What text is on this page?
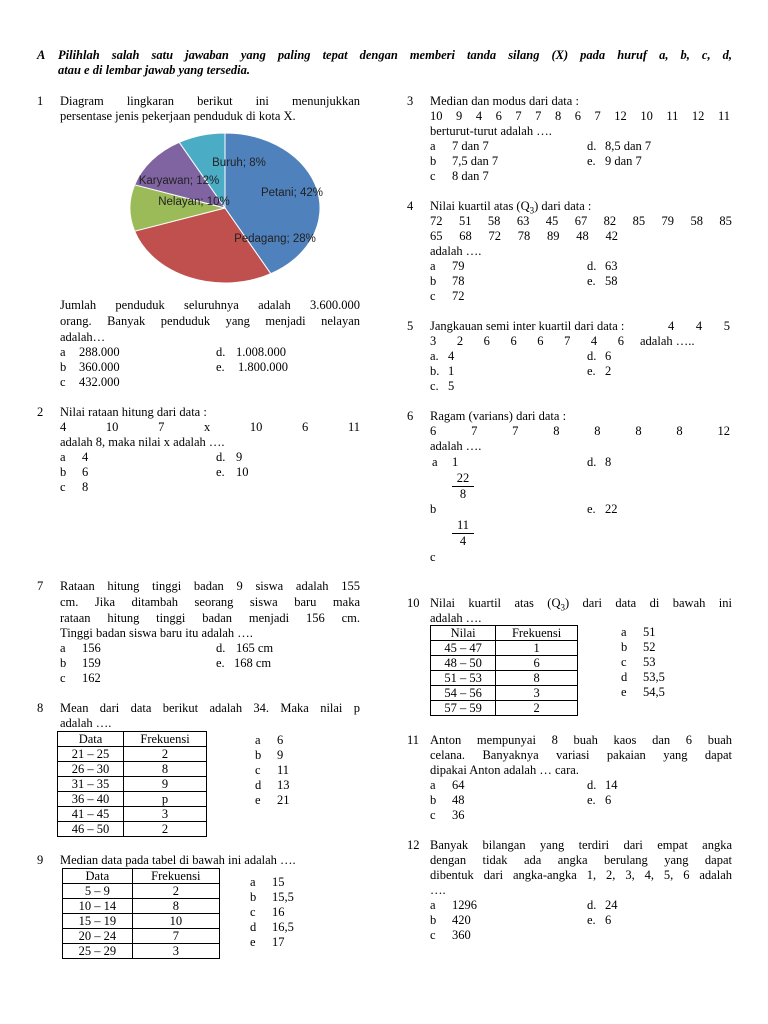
A Pilihlah salah satu jawaban yang paling tepat dengan memberi tanda silang (X) pada huruf a, b, c, d,
atau e di lembar jawab yang tersedia.
1 Diagram lingkaran berikut ini menunjukkan
persentase jenis pekerjaan penduduk di kota X.
Petani; 42%
Pedagang; 28%
Nelayan; 10%
Karyawan; 12%
Buruh; 8%
Jumlah penduduk seluruhnya adalah 3.600.000
orang. Banyak penduduk yang menjadi nelayan
adalah…
a 288.000	d. 1.008.000
b 360.000	e. 1.800.000
c 432.000
2 Nilai rataan hitung dari data :
4	10	7	x	10	6	11
adalah 8, maka nilai x adalah ….
a 4	d. 9
b 6	e. 10
c 8
3 Median dan modus dari data :
10 9 4 6 7 7 8 6 7 12 10 11 12 11
berturut-turut adalah ….
a 7 dan 7	d. 8,5 dan 7
b 7,5 dan 7	e. 9 dan 7
c 8 dan 7
4 Nilai kuartil atas $(Q_3)$ dari data :
72 51 58 63 45 67 82 85 79 58 85
65 68 72 78 89 48 42
adalah ….
a 79	d. 63
b 78	e. 58
c 72
5 Jangkauan semi inter kuartil dari data :	4 4 5
3 2 6 6 6 7 4 6 adalah …..
a. 4	d. 6
b. 1	e. 2
c. 5
6 Ragam (varians) dari data :
6	7	7	8	8	8	8	12
adalah ….
a 1	d. 8
$\frac{22}{8}$
b	e. 22
$\frac{11}{4}$
c
7 Rataan hitung tinggi badan 9 siswa adalah 155
cm. Jika ditambah seorang siswa baru maka
rataan hitung tinggi badan menjadi 156 cm.
Tinggi badan siswa baru itu adalah ….
a 156	d. 165 cm
b 159	e. 168 cm
c 162
8 Mean dari data berikut adalah 34. Maka nilai p
adalah ….
Data	Frekuensi
21 – 25	2
26 – 30	8
31 – 35	9
36 – 40	p
41 – 45	3
46 – 50	2
a 6
b 9
c 11
d 13
e 21
9 Median data pada tabel di bawah ini adalah ….
Data	Frekuensi
5 – 9	2
10 – 14	8
15 – 19	10
20 – 24	7
25 – 29	3
a 15
b 15,5
c 16
d 16,5
e 17
10 Nilai kuartil atas $(Q_3)$ dari data di bawah ini
adalah ….
Nilai	Frekuensi
45 – 47	1
48 – 50	6
51 – 53	8
54 – 56	3
57 – 59	2
a 51
b 52
c 53
d 53,5
e 54,5
11 Anton mempunyai 8 buah kaos dan 6 buah
celana. Banyaknya variasi pakaian yang dapat
dipakai Anton adalah … cara.
a 64	d. 14
b 48	e. 6
c 36
12 Banyak bilangan yang terdiri dari empat angka
dengan tidak ada angka berulang yang dapat
dibentuk dari angka-angka 1, 2, 3, 4, 5, 6 adalah
….
a 1296	d. 24
b 420	e. 6
c 360
